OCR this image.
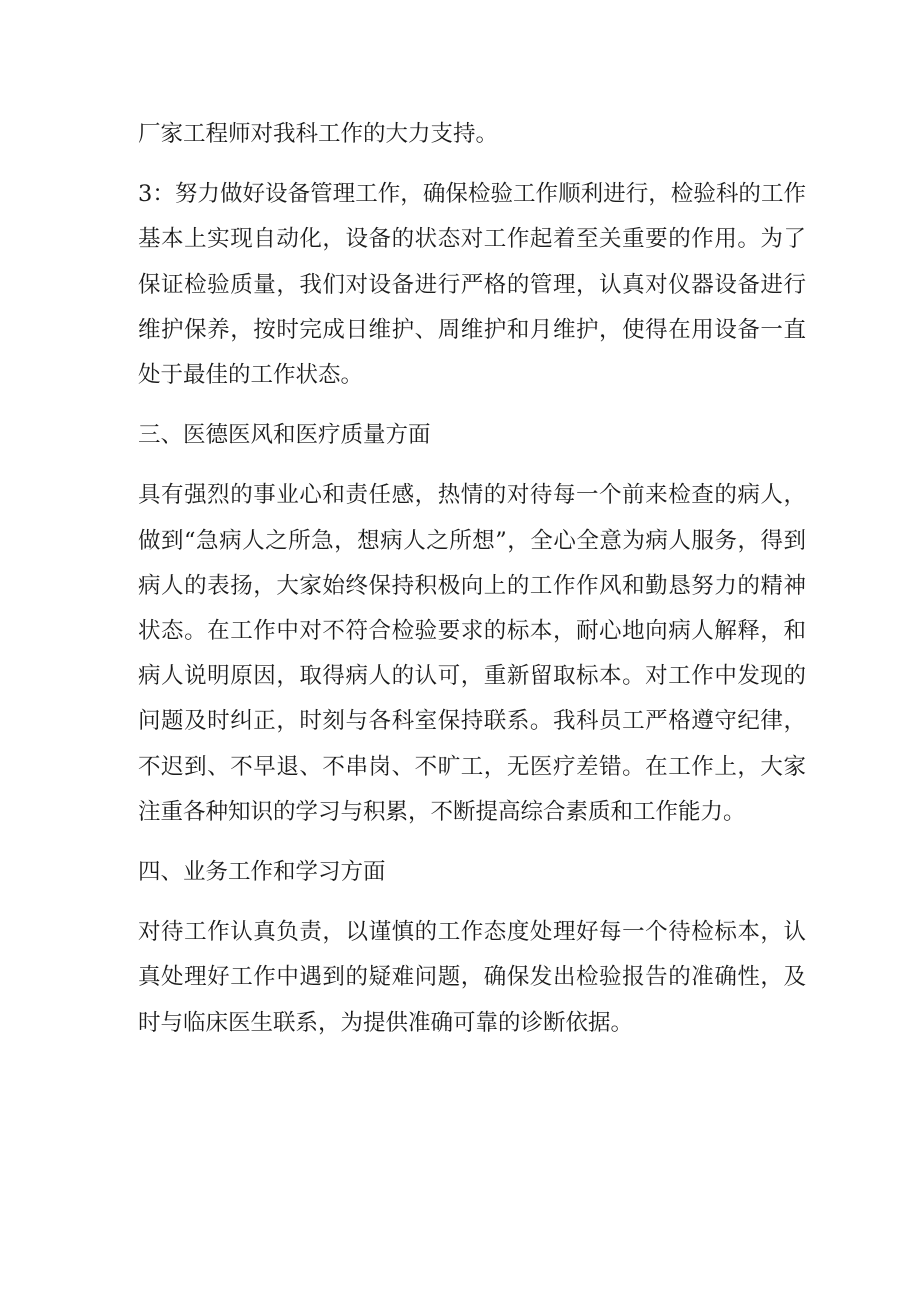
厂家工程师对我科工作的大力支持。

3：努力做好设备管理工作，确保检验工作顺利进行，检验科的工作基本上实现自动化，设备的状态对工作起着至关重要的作用。为了保证检验质量，我们对设备进行严格的管理，认真对仪器设备进行维护保养，按时完成日维护、周维护和月维护，使得在用设备一直处于最佳的工作状态。

三、医德医风和医疗质量方面

具有强烈的事业心和责任感，热情的对待每一个前来检查的病人，做到“急病人之所急，想病人之所想”，全心全意为病人服务，得到病人的表扬，大家始终保持积极向上的工作作风和勤恳努力的精神状态。在工作中对不符合检验要求的标本，耐心地向病人解释，和病人说明原因，取得病人的认可，重新留取标本。对工作中发现的问题及时纠正，时刻与各科室保持联系。我科员工严格遵守纪律，不迟到、不早退、不串岗、不旷工，无医疗差错。在工作上，大家注重各种知识的学习与积累，不断提高综合素质和工作能力。

四、业务工作和学习方面

对待工作认真负责，以谨慎的工作态度处理好每一个待检标本，认真处理好工作中遇到的疑难问题，确保发出检验报告的准确性，及时与临床医生联系，为提供准确可靠的诊断依据。
